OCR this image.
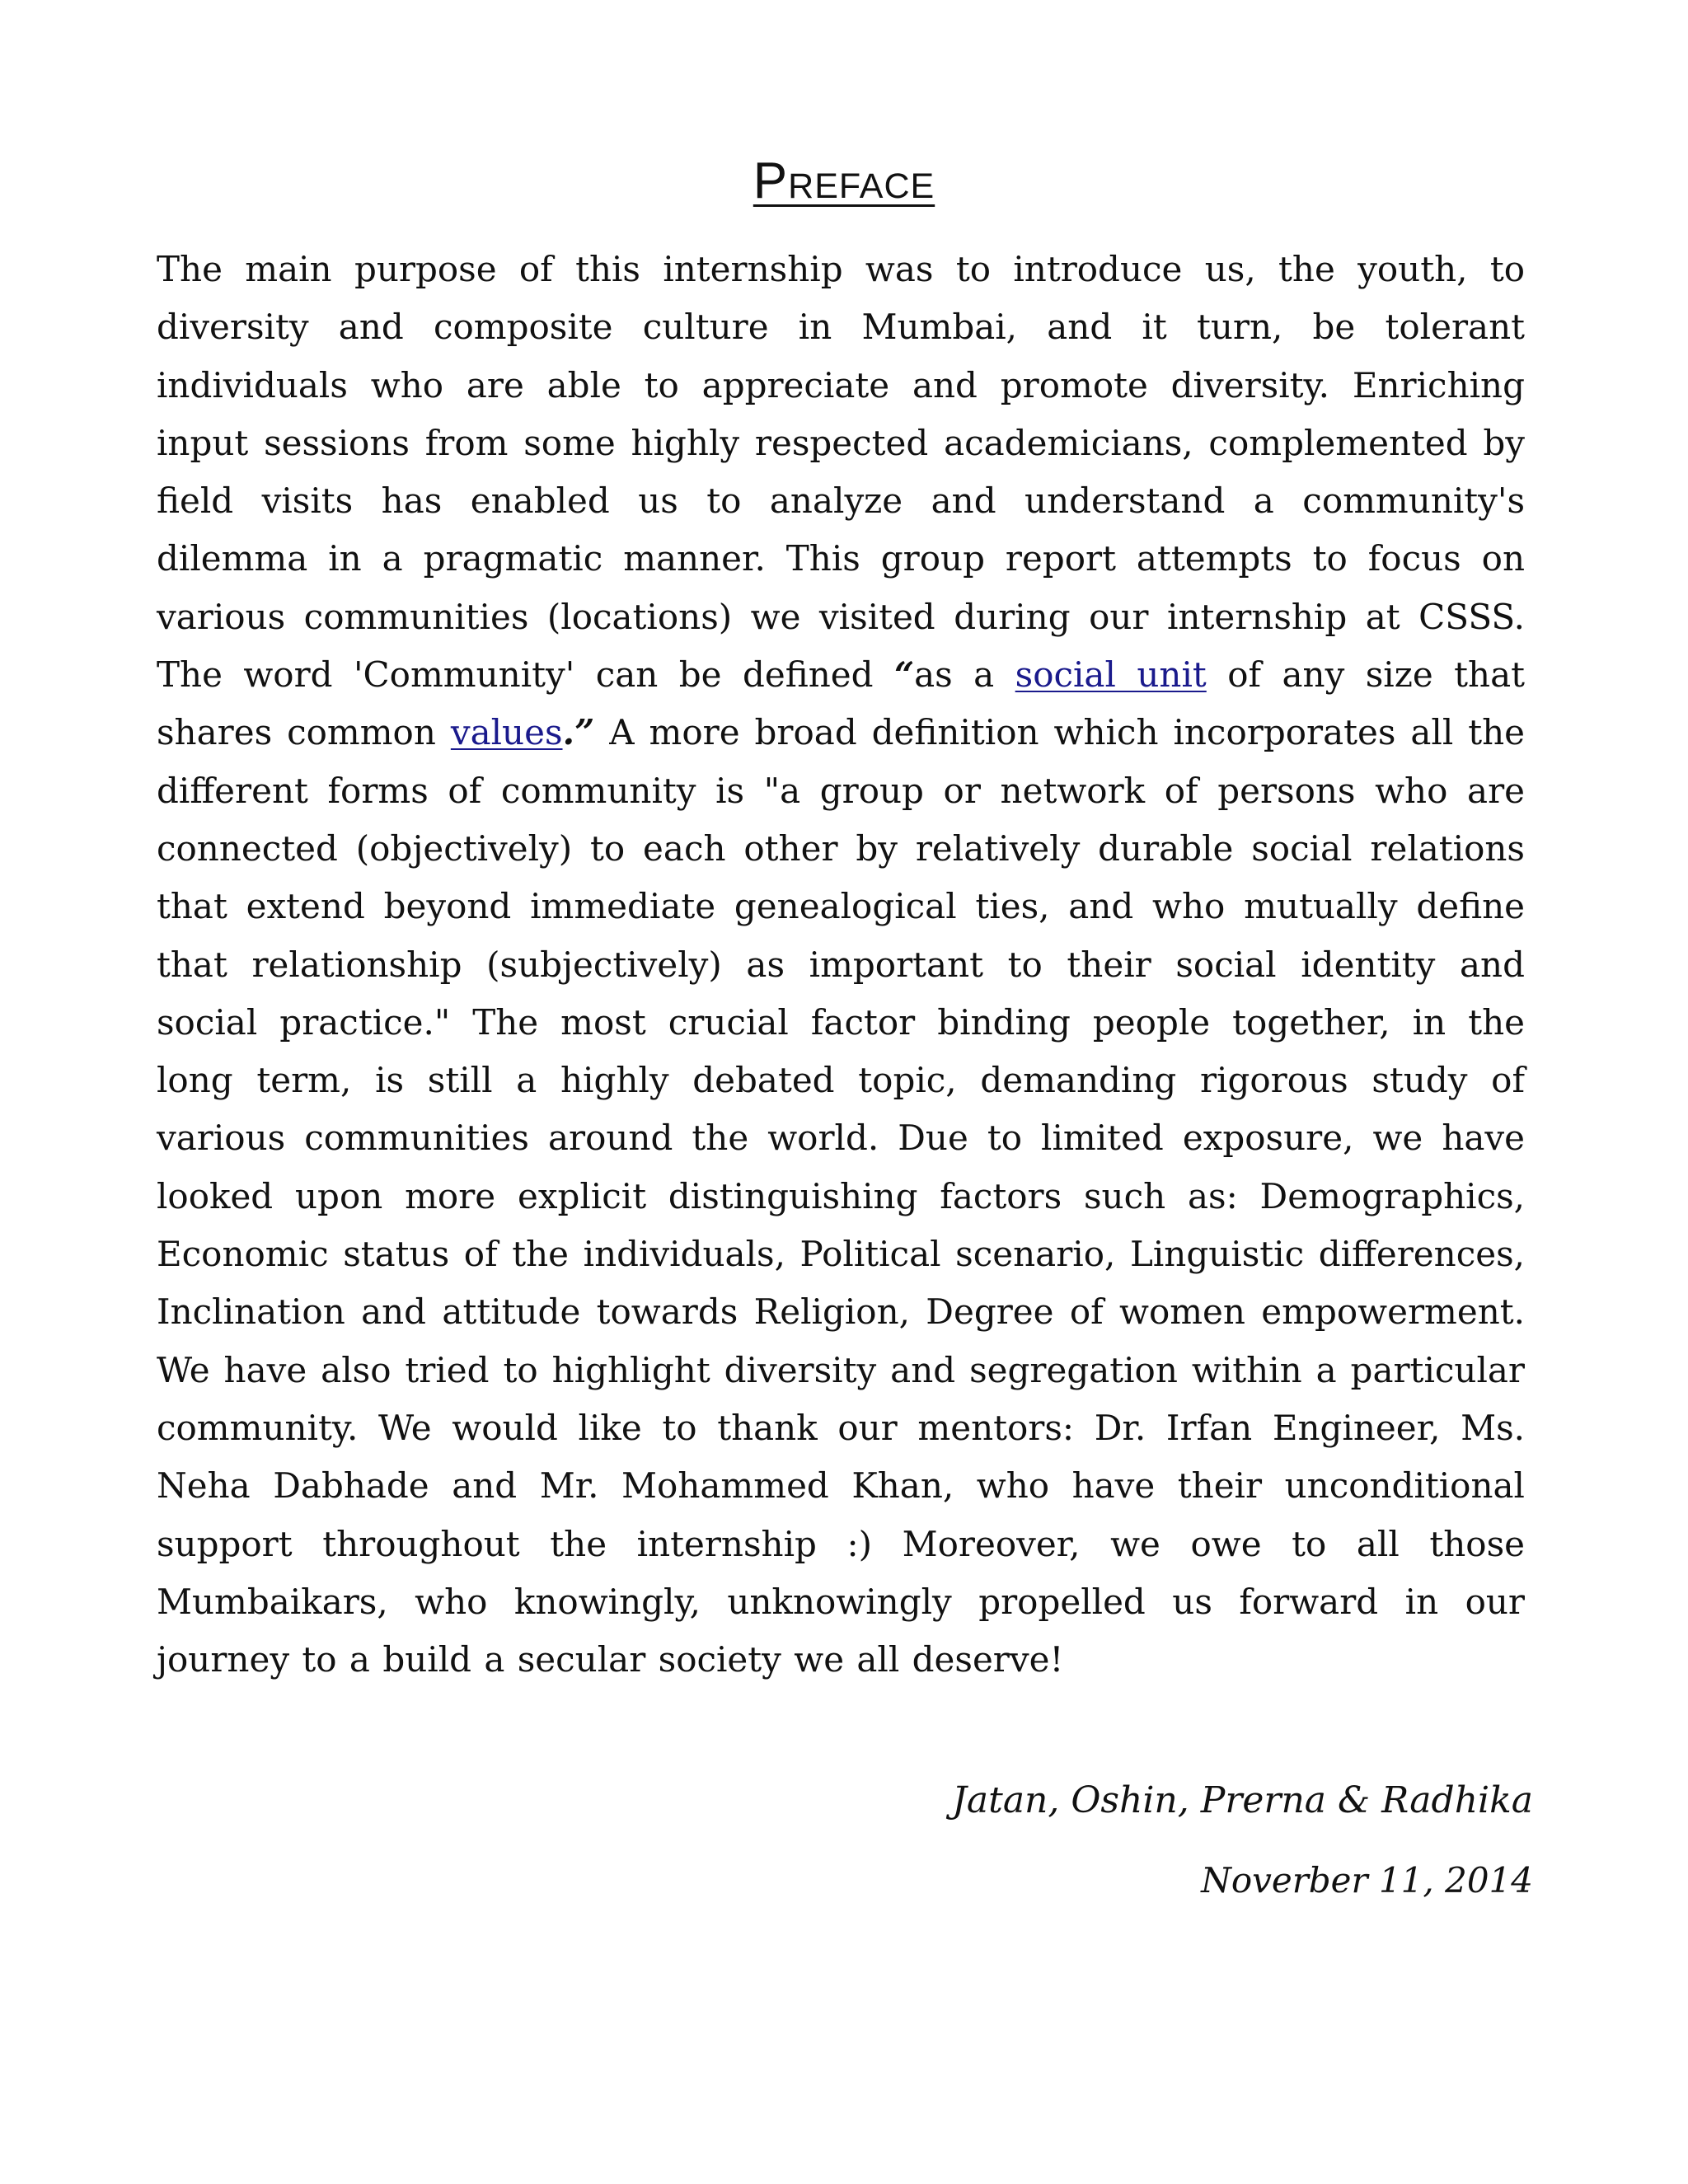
Preface
The main purpose of this internship was to introduce us, the youth, to
diversity and composite culture in Mumbai, and it turn, be tolerant
individuals who are able to appreciate and promote diversity. Enriching
input sessions from some highly respected academicians, complemented by
field visits has enabled us to analyze and understand a community's
dilemma in a pragmatic manner. This group report attempts to focus on
various communities (locations) we visited during our internship at CSSS.
The word 'Community' can be defined “as a social unit of any size that
shares common values.” A more broad definition which incorporates all the
different forms of community is "a group or network of persons who are
connected (objectively) to each other by relatively durable social relations
that extend beyond immediate genealogical ties, and who mutually define
that relationship (subjectively) as important to their social identity and
social practice." The most crucial factor binding people together, in the
long term, is still a highly debated topic, demanding rigorous study of
various communities around the world. Due to limited exposure, we have
looked upon more explicit distinguishing factors such as: Demographics,
Economic status of the individuals, Political scenario, Linguistic differences,
Inclination and attitude towards Religion, Degree of women empowerment.
We have also tried to highlight diversity and segregation within a particular
community. We would like to thank our mentors: Dr. Irfan Engineer, Ms.
Neha Dabhade and Mr. Mohammed Khan, who have their unconditional
support throughout the internship :) Moreover, we owe to all those
Mumbaikars, who knowingly, unknowingly propelled us forward in our
journey to a build a secular society we all deserve!
Jatan, Oshin, Prerna & Radhika
Noverber 11, 2014
